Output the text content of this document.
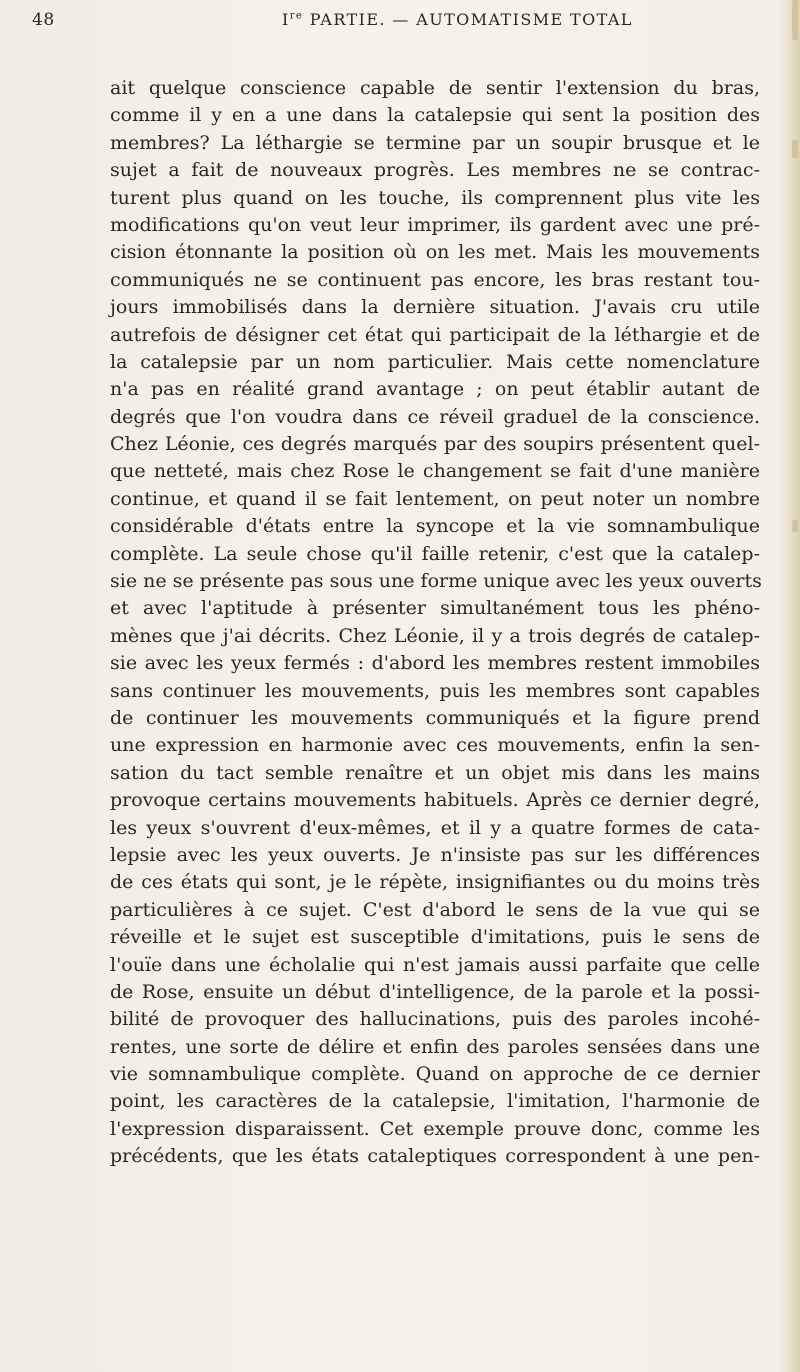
48	Ire PARTIE. — AUTOMATISME TOTAL
ait quelque conscience capable de sentir l'extension du bras,
comme il y en a une dans la catalepsie qui sent la position des
membres? La léthargie se termine par un soupir brusque et le
sujet a fait de nouveaux progrès. Les membres ne se contrac-
turent plus quand on les touche, ils comprennent plus vite les
modifications qu'on veut leur imprimer, ils gardent avec une pré-
cision étonnante la position où on les met. Mais les mouvements
communiqués ne se continuent pas encore, les bras restant tou-
jours immobilisés dans la dernière situation. J'avais cru utile
autrefois de désigner cet état qui participait de la léthargie et de
la catalepsie par un nom particulier. Mais cette nomenclature
n'a pas en réalité grand avantage ; on peut établir autant de
degrés que l'on voudra dans ce réveil graduel de la conscience.
Chez Léonie, ces degrés marqués par des soupirs présentent quel-
que netteté, mais chez Rose le changement se fait d'une manière
continue, et quand il se fait lentement, on peut noter un nombre
considérable d'états entre la syncope et la vie somnambulique
complète. La seule chose qu'il faille retenir, c'est que la catalep-
sie ne se présente pas sous une forme unique avec les yeux ouverts
et avec l'aptitude à présenter simultanément tous les phéno-
mènes que j'ai décrits. Chez Léonie, il y a trois degrés de catalep-
sie avec les yeux fermés : d'abord les membres restent immobiles
sans continuer les mouvements, puis les membres sont capables
de continuer les mouvements communiqués et la figure prend
une expression en harmonie avec ces mouvements, enfin la sen-
sation du tact semble renaître et un objet mis dans les mains
provoque certains mouvements habituels. Après ce dernier degré,
les yeux s'ouvrent d'eux-mêmes, et il y a quatre formes de cata-
lepsie avec les yeux ouverts. Je n'insiste pas sur les différences
de ces états qui sont, je le répète, insignifiantes ou du moins très
particulières à ce sujet. C'est d'abord le sens de la vue qui se
réveille et le sujet est susceptible d'imitations, puis le sens de
l'ouïe dans une écholalie qui n'est jamais aussi parfaite que celle
de Rose, ensuite un début d'intelligence, de la parole et la possi-
bilité de provoquer des hallucinations, puis des paroles incohé-
rentes, une sorte de délire et enfin des paroles sensées dans une
vie somnambulique complète. Quand on approche de ce dernier
point, les caractères de la catalepsie, l'imitation, l'harmonie de
l'expression disparaissent. Cet exemple prouve donc, comme les
précédents, que les états cataleptiques correspondent à une pen-
